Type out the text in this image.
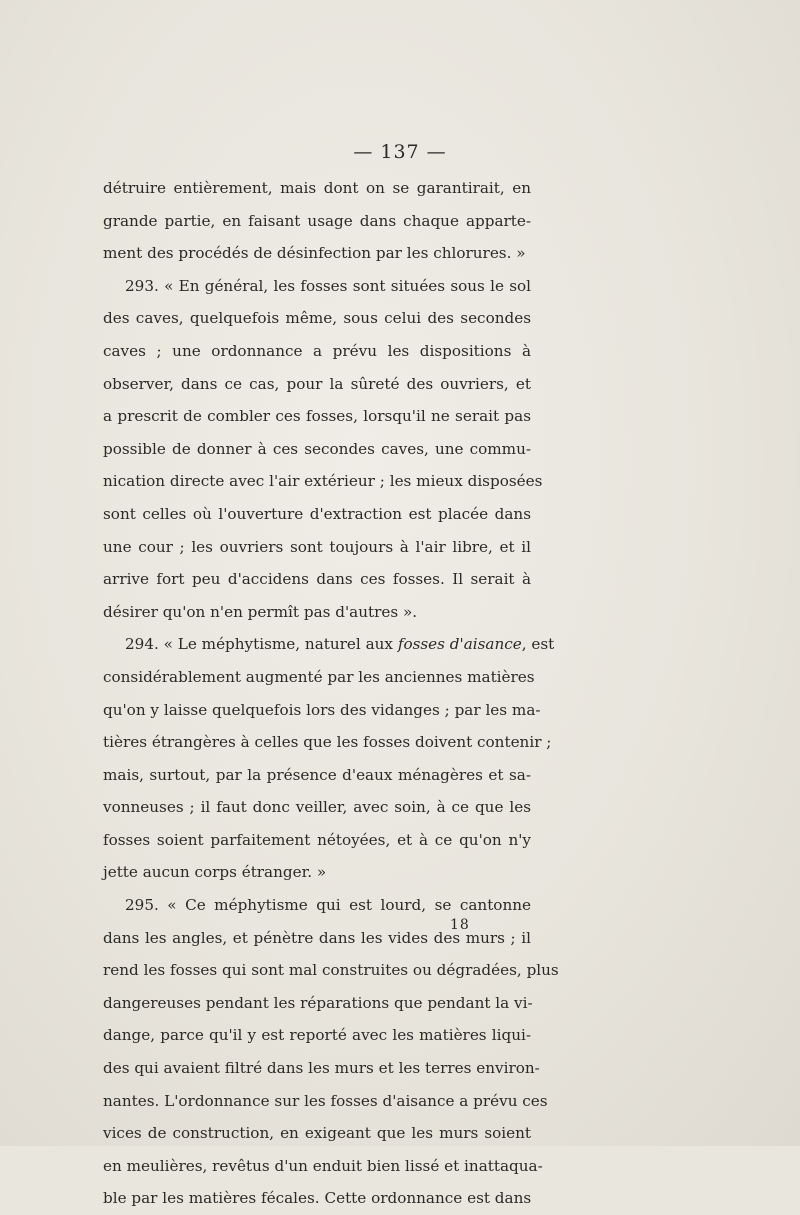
— 137 —
détruire entièrement, mais dont on se garantirait, en
grande partie, en faisant usage dans chaque apparte-
ment des procédés de désinfection par les chlorures. »
293. « En général, les fosses sont situées sous le sol
des caves, quelquefois même, sous celui des secondes
caves ; une ordonnance a prévu les dispositions à
observer, dans ce cas, pour la sûreté des ouvriers, et
a prescrit de combler ces fosses, lorsqu'il ne serait pas
possible de donner à ces secondes caves, une commu-
nication directe avec l'air extérieur ; les mieux disposées
sont celles où l'ouverture d'extraction est placée dans
une cour ; les ouvriers sont toujours à l'air libre, et il
arrive fort peu d'accidens dans ces fosses. Il serait à
désirer qu'on n'en permît pas d'autres ».
294. « Le méphytisme, naturel aux fosses d'aisance, est
considérablement augmenté par les anciennes matières
qu'on y laisse quelquefois lors des vidanges ; par les ma-
tières étrangères à celles que les fosses doivent contenir ;
mais, surtout, par la présence d'eaux ménagères et sa-
vonneuses ; il faut donc veiller, avec soin, à ce que les
fosses soient parfaitement nétoyées, et à ce qu'on n'y
jette aucun corps étranger. »
295. « Ce méphytisme qui est lourd, se cantonne
dans les angles, et pénètre dans les vides des murs ; il
rend les fosses qui sont mal construites ou dégradées, plus
dangereuses pendant les réparations que pendant la vi-
dange, parce qu'il y est reporté avec les matières liqui-
des qui avaient filtré dans les murs et les terres environ-
nantes. L'ordonnance sur les fosses d'aisance a prévu ces
vices de construction, en exigeant que les murs soient
en meulières, revêtus d'un enduit bien lissé et inattaqua-
ble par les matières fécales. Cette ordonnance est dans
18
